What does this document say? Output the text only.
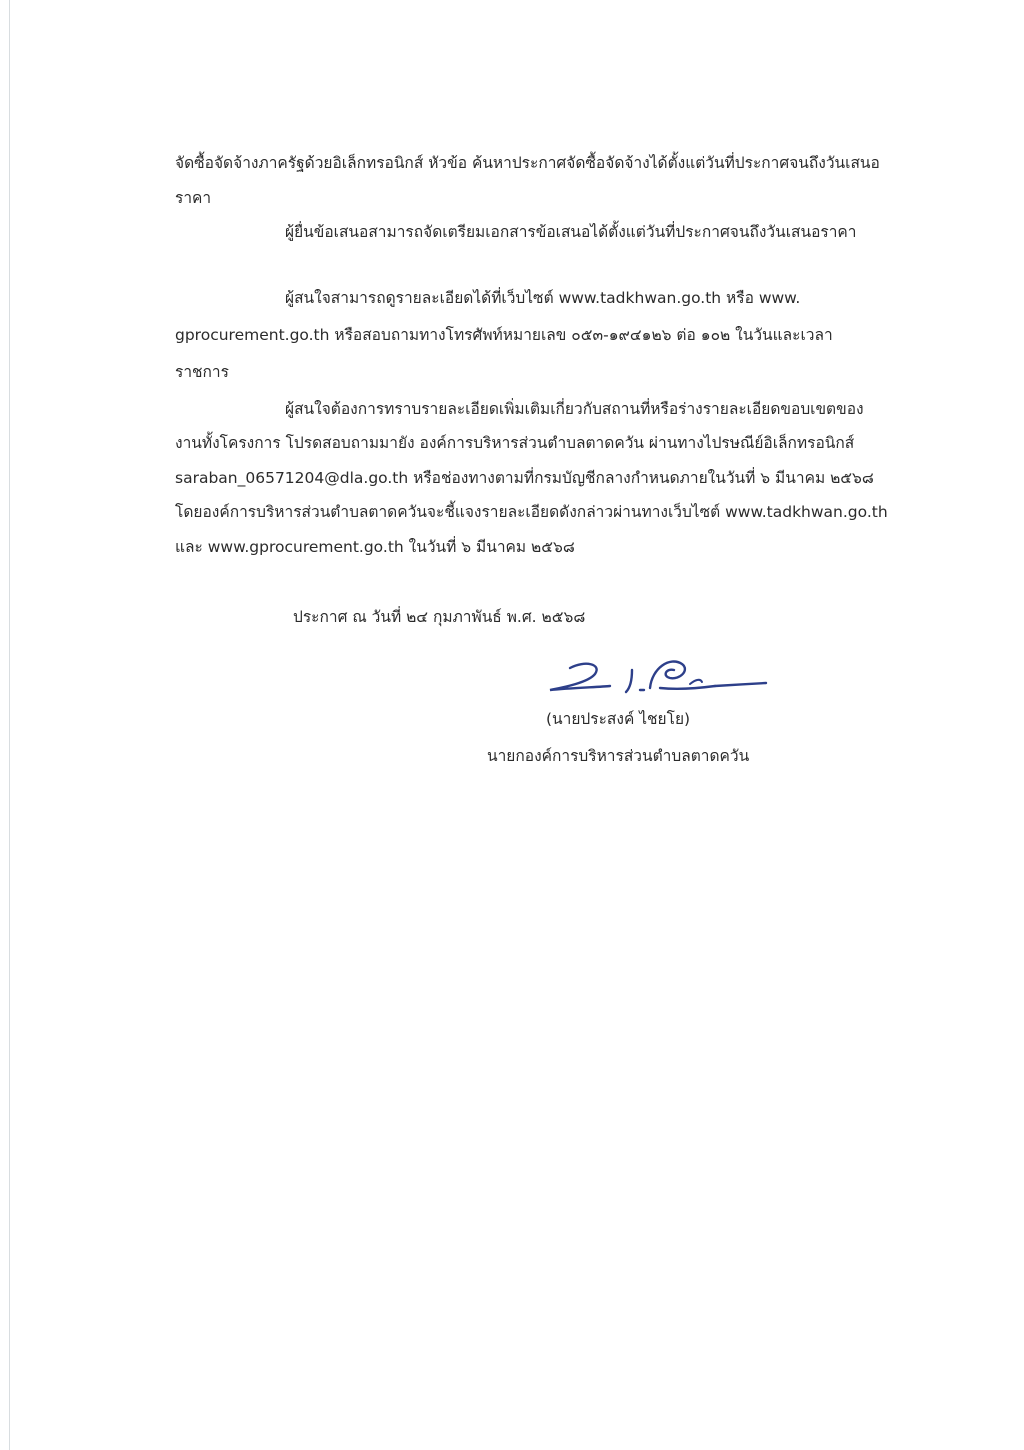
จัดซื้อจัดจ้างภาครัฐด้วยอิเล็กทรอนิกส์ หัวข้อ ค้นหาประกาศจัดซื้อจัดจ้างได้ตั้งแต่วันที่ประกาศจนถึงวันเสนอ
ราคา
ผู้ยื่นข้อเสนอสามารถจัดเตรียมเอกสารข้อเสนอได้ตั้งแต่วันที่ประกาศจนถึงวันเสนอราคา
ผู้สนใจสามารถดูรายละเอียดได้ที่เว็บไซต์ www.tadkhwan.go.th หรือ www.
gprocurement.go.th หรือสอบถามทางโทรศัพท์หมายเลข ๐๕๓-๑๙๔๑๒๖ ต่อ ๑๐๒ ในวันและเวลา
ราชการ
ผู้สนใจต้องการทราบรายละเอียดเพิ่มเติมเกี่ยวกับสถานที่หรือร่างรายละเอียดขอบเขตของ
งานทั้งโครงการ โปรดสอบถามมายัง องค์การบริหารส่วนตำบลตาดควัน ผ่านทางไปรษณีย์อิเล็กทรอนิกส์
saraban_06571204@dla.go.th หรือช่องทางตามที่กรมบัญชีกลางกำหนดภายในวันที่ ๖ มีนาคม ๒๕๖๘
โดยองค์การบริหารส่วนตำบลตาดควันจะชี้แจงรายละเอียดดังกล่าวผ่านทางเว็บไซต์ www.tadkhwan.go.th
และ www.gprocurement.go.th ในวันที่ ๖ มีนาคม ๒๕๖๘
ประกาศ ณ วันที่ ๒๔ กุมภาพันธ์ พ.ศ. ๒๕๖๘
(นายประสงค์ ไชยโย)
นายกองค์การบริหารส่วนตำบลตาดควัน
